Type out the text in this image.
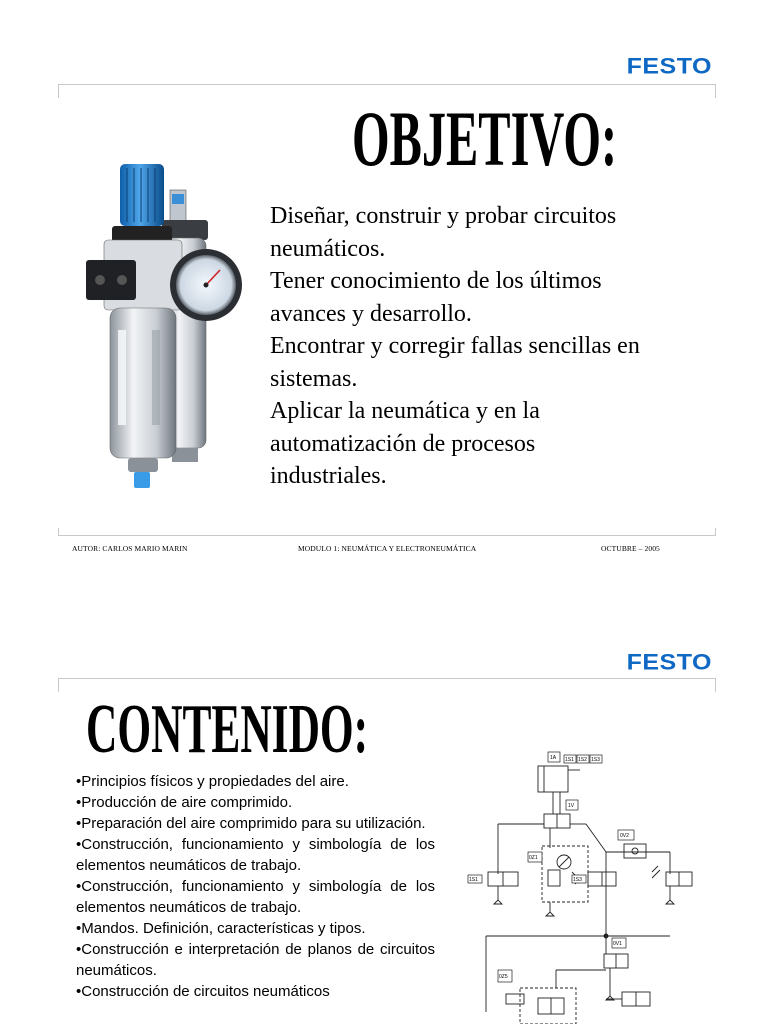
FESTO
OBJETIVO:
Diseñar, construir y probar circuitos
neumáticos.
Tener conocimiento de los últimos
avances y desarrollo.
Encontrar y corregir fallas sencillas en
sistemas.
Aplicar la neumática y en la
automatización de procesos
industriales.
AUTOR: CARLOS MARIO MARIN	MODULO 1: NEUMÁTICA Y ELECTRONEUMÁTICA	OCTUBRE – 2005
FESTO
CONTENIDO:
•Principios físicos y propiedades del aire.
•Producción de aire comprimido.
•Preparación del aire comprimido para su utilización.
•Construcción, funcionamiento y simbología de los elementos neumáticos de trabajo.
•Construcción, funcionamiento y simbología de los elementos neumáticos de trabajo.
•Mandos. Definición, características y tipos.
•Construcción e interpretación de planos de circuitos neumáticos.
•Construcción de circuitos neumáticos
1A 1S1 1S2 1S3
1V
0V2
0Z1
0V1
0Z5
1S1	1S3
